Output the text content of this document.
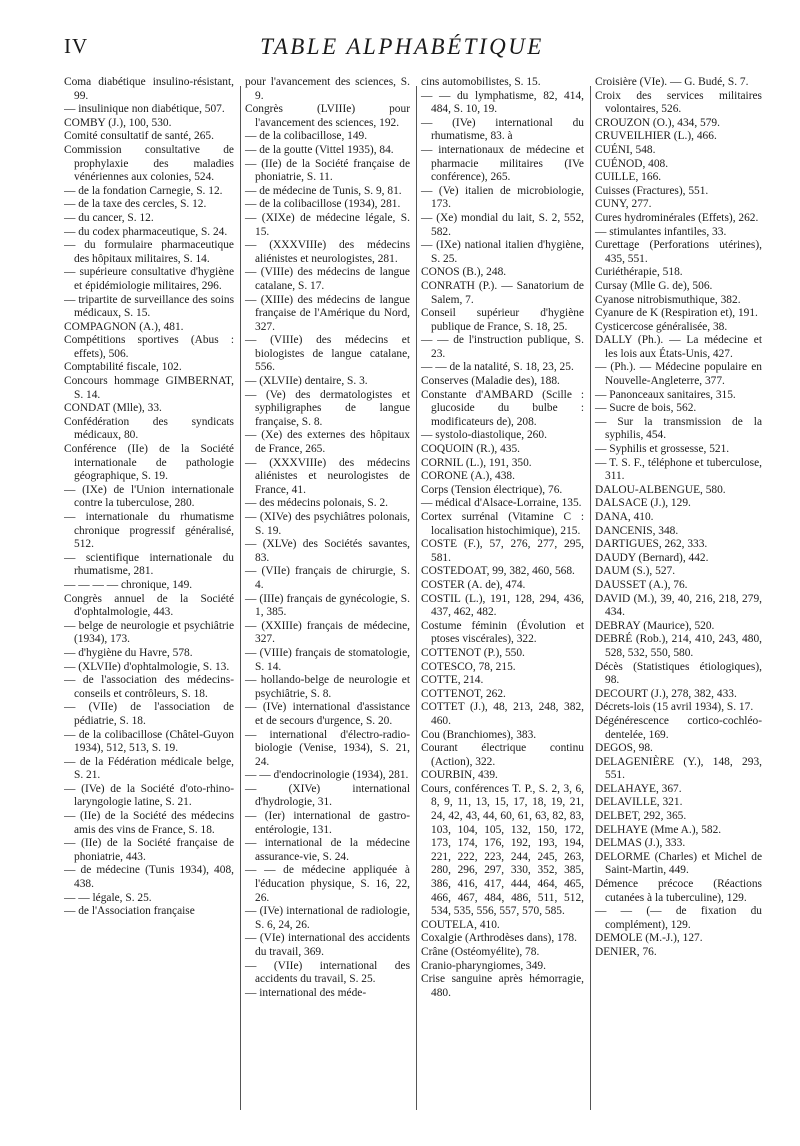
IV	TABLE ALPHABÉTIQUE
Coma diabétique insulino-résistant, 99.
— insulinique non diabétique, 507.
COMBY (J.), 100, 530.
Comité consultatif de santé, 265.
Commission consultative de prophylaxie des maladies vénériennes aux colonies, 524.
— de la fondation Carnegie, S. 12.
— de la taxe des cercles, S. 12.
— du cancer, S. 12.
— du codex pharmaceutique, S. 24.
— du formulaire pharmaceutique des hôpitaux militaires, S. 14.
— supérieure consultative d'hygiène et épidémiologie militaires, 296.
— tripartite de surveillance des soins médicaux, S. 15.
COMPAGNON (A.), 481.
Compétitions sportives (Abus : effets), 506.
Comptabilité fiscale, 102.
Concours hommage GIMBERNAT, S. 14.
CONDAT (Mlle), 33.
Confédération des syndicats médicaux, 80.
Conférence (IIe) de la Société internationale de pathologie géographique, S. 19.
— (IXe) de l'Union internationale contre la tuberculose, 280.
— internationale du rhumatisme chronique progressif généralisé, 512.
— scientifique internationale du rhumatisme, 281.
— — — — chronique, 149.
Congrès annuel de la Société d'ophtalmologie, 443.
— belge de neurologie et psychiâtrie (1934), 173.
— d'hygiène du Havre, 578.
— (XLVIIe) d'ophtalmologie, S. 13.
— de l'association des médecins-conseils et contrôleurs, S. 18.
— (VIIe) de l'association de pédiatrie, S. 18.
— de la colibacillose (Châtel-Guyon 1934), 512, 513, S. 19.
— de la Fédération médicale belge, S. 21.
— (IVe) de la Société d'oto-rhino-laryngologie latine, S. 21.
— (IIe) de la Société des médecins amis des vins de France, S. 18.
— (IIe) de la Société française de phoniatrie, 443.
— de médecine (Tunis 1934), 408, 438.
— — légale, S. 25.
— de l'Association française
pour l'avancement des sciences, S. 9.
Congrès (LVIIIe) pour l'avancement des sciences, 192.
— de la colibacillose, 149.
— de la goutte (Vittel 1935), 84.
— (IIe) de la Société française de phoniatrie, S. 11.
— de médecine de Tunis, S. 9, 81.
— de la colibacillose (1934), 281.
— (XIXe) de médecine légale, S. 15.
— (XXXVIIIe) des médecins aliénistes et neurologistes, 281.
— (VIIIe) des médecins de langue catalane, S. 17.
— (XIIIe) des médecins de langue française de l'Amérique du Nord, 327.
— (VIIIe) des médecins et biologistes de langue catalane, 556.
— (XLVIIe) dentaire, S. 3.
— (Ve) des dermatologistes et syphiligraphes de langue française, S. 8.
— (Xe) des externes des hôpitaux de France, 265.
— (XXXVIIIe) des médecins aliénistes et neurologistes de France, 41.
— des médecins polonais, S. 2.
— (XIVe) des psychiâtres polonais, S. 19.
— (XLVe) des Sociétés savantes, 83.
— (VIIe) français de chirurgie, S. 4.
— (IIIe) français de gynécologie, S. 1, 385.
— (XXIIIe) français de médecine, 327.
— (VIIIe) français de stomatologie, S. 14.
— hollando-belge de neurologie et psychiâtrie, S. 8.
— (IVe) international d'assistance et de secours d'urgence, S. 20.
— international d'électro-radio-biologie (Venise, 1934), S. 21, 24.
— — d'endocrinologie (1934), 281.
— (XIVe) international d'hydrologie, 31.
— (Ier) international de gastro-entérologie, 131.
— international de la médecine assurance-vie, S. 24.
— — de médecine appliquée à l'éducation physique, S. 16, 22, 26.
— (IVe) international de radiologie, S. 6, 24, 26.
— (VIe) international des accidents du travail, 369.
— (VIIe) international des accidents du travail, S. 25.
— international des méde-
cins automobilistes, S. 15.
— — du lymphatisme, 82, 414, 484, S. 10, 19.
— (IVe) international du rhumatisme, 83. à
— internationaux de médecine et pharmacie militaires (IVe conférence), 265.
— (Ve) italien de microbiologie, 173.
— (Xe) mondial du lait, S. 2, 552, 582.
— (IXe) national italien d'hygiène, S. 25.
CONOS (B.), 248.
CONRATH (P.). — Sanatorium de Salem, 7.
Conseil supérieur d'hygiène publique de France, S. 18, 25.
— — de l'instruction publique, S. 23.
— — de la natalité, S. 18, 23, 25.
Conserves (Maladie des), 188.
Constante d'AMBARD (Scille : glucoside du bulbe : modificateurs de), 208.
— systolo-diastolique, 260.
COQUOIN (R.), 435.
CORNIL (L.), 191, 350.
CORONE (A.), 438.
Corps (Tension électrique), 76.
— médical d'Alsace-Lorraine, 135.
Cortex surrénal (Vitamine C : localisation histochimique), 215.
COSTE (F.), 57, 276, 277, 295, 581.
COSTEDOAT, 99, 382, 460, 568.
COSTER (A. de), 474.
COSTIL (L.), 191, 128, 294, 436, 437, 462, 482.
Costume féminin (Évolution et ptoses viscérales), 322.
COTTENOT (P.), 550.
COTESCO, 78, 215.
COTTE, 214.
COTTENOT, 262.
COTTET (J.), 48, 213, 248, 382, 460.
Cou (Branchiomes), 383.
Courant électrique continu (Action), 322.
COURBIN, 439.
Cours, conférences T. P., S. 2, 3, 6, 8, 9, 11, 13, 15, 17, 18, 19, 21, 24, 42, 43, 44, 60, 61, 63, 82, 83, 103, 104, 105, 132, 150, 172, 173, 174, 176, 192, 193, 194, 221, 222, 223, 244, 245, 263, 280, 296, 297, 330, 352, 385, 386, 416, 417, 444, 464, 465, 466, 467, 484, 486, 511, 512, 534, 535, 556, 557, 570, 585.
COUTELA, 410.
Coxalgie (Arthrodèses dans), 178.
Crâne (Ostéomyélite), 78.
Cranio-pharyngiomes, 349.
Crise sanguine après hémorragie, 480.
Croisière (VIe). — G. Budé, S. 7.
Croix des services militaires volontaires, 526.
CROUZON (O.), 434, 579.
CRUVEILHIER (L.), 466.
CUÉNI, 548.
CUÉNOD, 408.
CUILLE, 166.
Cuisses (Fractures), 551.
CUNY, 277.
Cures hydrominérales (Effets), 262.
— stimulantes infantiles, 33.
Curettage (Perforations utérines), 435, 551.
Curiéthérapie, 518.
Cursay (Mlle G. de), 506.
Cyanose nitrobismuthique, 382.
Cyanure de K (Respiration et), 191.
Cysticercose généralisée, 38.
DALLY (Ph.). — La médecine et les lois aux États-Unis, 427.
— (Ph.). — Médecine populaire en Nouvelle-Angleterre, 377.
— Panonceaux sanitaires, 315.
— Sucre de bois, 562.
— Sur la transmission de la syphilis, 454.
— Syphilis et grossesse, 521.
— T. S. F., téléphone et tuberculose, 311.
DALOU-ALBENGUE, 580.
DALSACE (J.), 129.
DANA, 410.
DANCENIS, 348.
DARTIGUES, 262, 333.
DAUDY (Bernard), 442.
DAUM (S.), 527.
DAUSSET (A.), 76.
DAVID (M.), 39, 40, 216, 218, 279, 434.
DEBRAY (Maurice), 520.
DEBRÉ (Rob.), 214, 410, 243, 480, 528, 532, 550, 580.
Décès (Statistiques étiologiques), 98.
DECOURT (J.), 278, 382, 433.
Décrets-lois (15 avril 1934), S. 17.
Dégénérescence cortico-cochléo-dentelée, 169.
DEGOS, 98.
DELAGENIÈRE (Y.), 148, 293, 551.
DELAHAYE, 367.
DELAVILLE, 321.
DELBET, 292, 365.
DELHAYE (Mme A.), 582.
DELMAS (J.), 333.
DELORME (Charles) et Michel de Saint-Martin, 449.
Démence précoce (Réactions cutanées à la tuberculine), 129.
— — (— de fixation du complément), 129.
DEMOLE (M.-J.), 127.
DENIER, 76.
